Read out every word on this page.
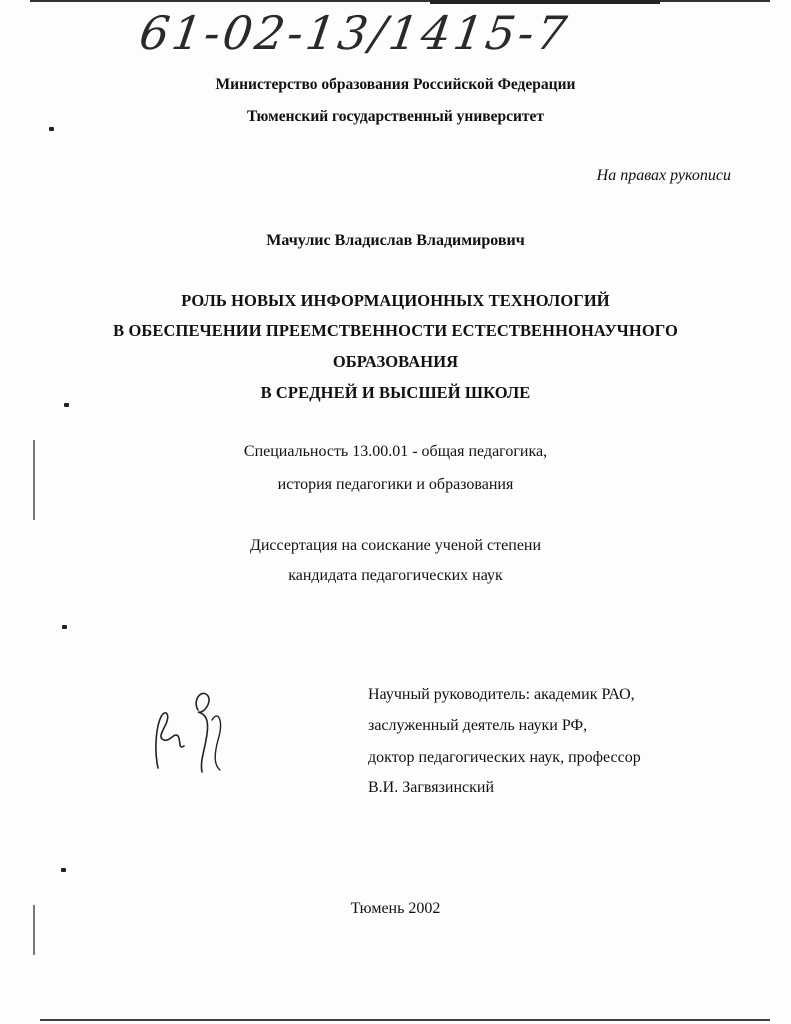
61-02-13/1415-7
Министерство образования Российской Федерации
Тюменский государственный университет
На правах рукописи
Мачулис Владислав Владимирович
РОЛЬ НОВЫХ ИНФОРМАЦИОННЫХ ТЕХНОЛОГИЙ
В ОБЕСПЕЧЕНИИ ПРЕЕМСТВЕННОСТИ ЕСТЕСТВЕННОНАУЧНОГО
ОБРАЗОВАНИЯ
В СРЕДНЕЙ И ВЫСШЕЙ ШКОЛЕ
Специальность 13.00.01 - общая педагогика,
история педагогики и образования
Диссертация на соискание ученой степени
кандидата педагогических наук
Научный руководитель: академик РАО,
заслуженный деятель науки РФ,
доктор педагогических наук, профессор
В.И. Загвязинский
Тюмень 2002
